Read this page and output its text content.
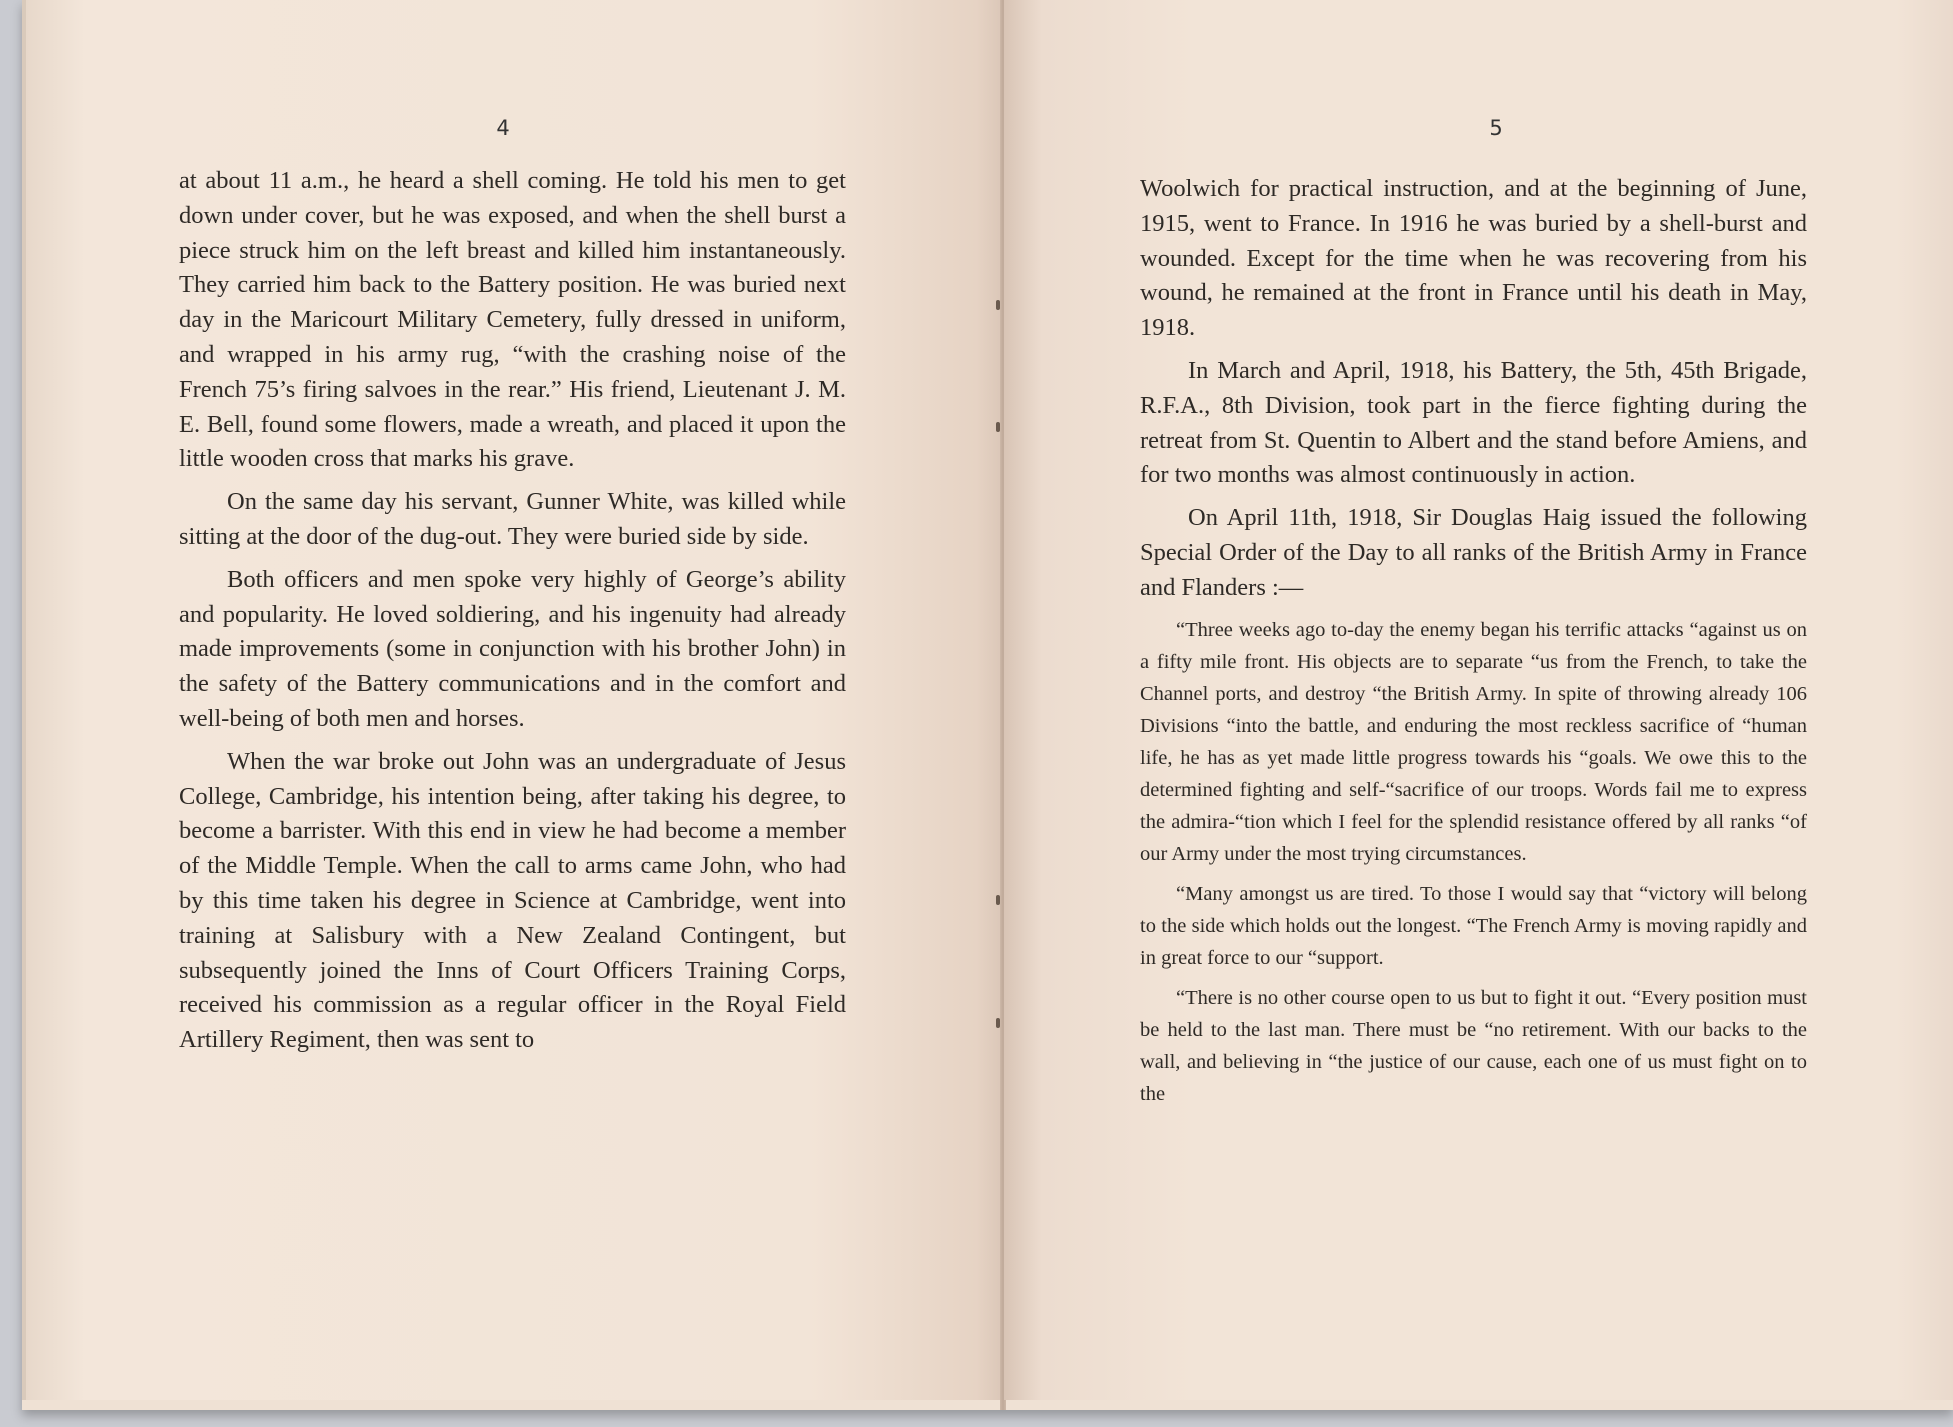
4

at about 11 a.m., he heard a shell coming. He told his men to get down under cover, but he was exposed, and when the shell burst a piece struck him on the left breast and killed him instantaneously. They carried him back to the Battery position. He was buried next day in the Maricourt Military Cemetery, fully dressed in uniform, and wrapped in his army rug, “with the crashing noise of the French 75’s firing salvoes in the rear.” His friend, Lieutenant J. M. E. Bell, found some flowers, made a wreath, and placed it upon the little wooden cross that marks his grave.

On the same day his servant, Gunner White, was killed while sitting at the door of the dug-out. They were buried side by side.

Both officers and men spoke very highly of George’s ability and popularity. He loved soldiering, and his ingenuity had already made improvements (some in conjunction with his brother John) in the safety of the Battery communications and in the comfort and well-being of both men and horses.

When the war broke out John was an undergraduate of Jesus College, Cambridge, his intention being, after taking his degree, to become a barrister. With this end in view he had become a member of the Middle Temple. When the call to arms came John, who had by this time taken his degree in Science at Cambridge, went into training at Salisbury with a New Zealand Contingent, but subsequently joined the Inns of Court Officers Training Corps, received his commission as a regular officer in the Royal Field Artillery Regiment, then was sent to

5

Woolwich for practical instruction, and at the beginning of June, 1915, went to France. In 1916 he was buried by a shell-burst and wounded. Except for the time when he was recovering from his wound, he remained at the front in France until his death in May, 1918.

In March and April, 1918, his Battery, the 5th, 45th Brigade, R.F.A., 8th Division, took part in the fierce fighting during the retreat from St. Quentin to Albert and the stand before Amiens, and for two months was almost continuously in action.

On April 11th, 1918, Sir Douglas Haig issued the following Special Order of the Day to all ranks of the British Army in France and Flanders :—

“Three weeks ago to-day the enemy began his terrific attacks “against us on a fifty mile front. His objects are to separate “us from the French, to take the Channel ports, and destroy “the British Army. In spite of throwing already 106 Divisions “into the battle, and enduring the most reckless sacrifice of “human life, he has as yet made little progress towards his “goals. We owe this to the determined fighting and self-“sacrifice of our troops. Words fail me to express the admira-“tion which I feel for the splendid resistance offered by all ranks “of our Army under the most trying circumstances.

“Many amongst us are tired. To those I would say that “victory will belong to the side which holds out the longest. “The French Army is moving rapidly and in great force to our “support.

“There is no other course open to us but to fight it out. “Every position must be held to the last man. There must be “no retirement. With our backs to the wall, and believing in “the justice of our cause, each one of us must fight on to the
